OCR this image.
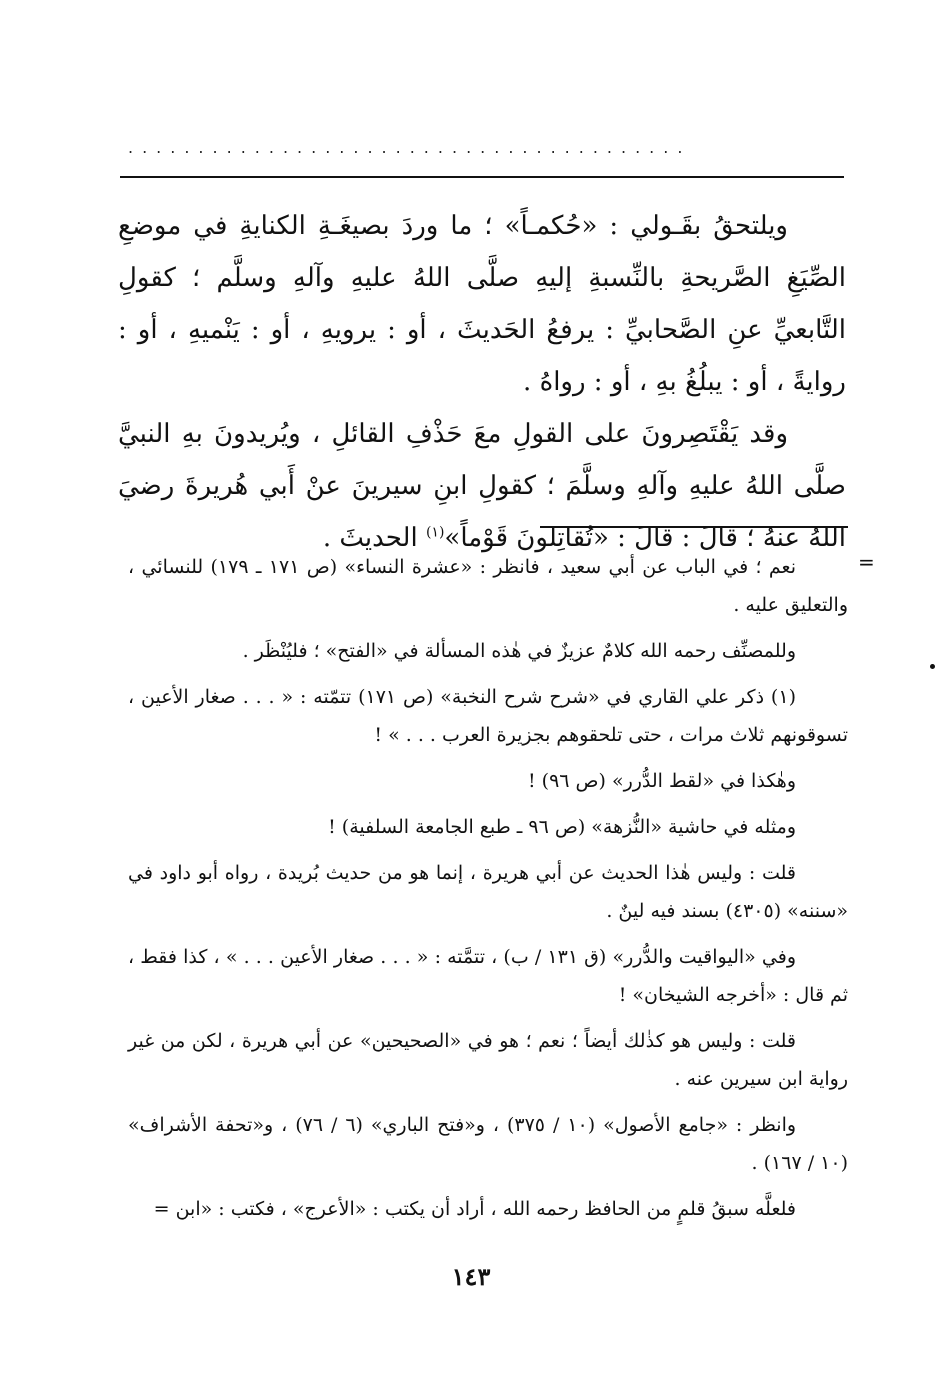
........................................

ويلتحقُ بقَـولي : «حُكمـاً» ؛ ما وردَ بصيغَـةِ الكنايةِ في موضعِ الصِّيَغِ الصَّريحةِ بالنِّسبةِ إليهِ صلَّى اللهُ عليهِ وآلهِ وسلَّم ؛ كقولِ التَّابعيِّ عنِ الصَّحابيِّ : يرفعُ الحَديثَ ، أو : يرويهِ ، أو : يَنْميهِ ، أو : روايةً ، أو : يبلُغُ بهِ ، أو : رواهُ .

وقد يَقْتَصِرونَ على القولِ معَ حَذْفِ القائلِ ، ويُريدونَ بهِ النبيَّ صلَّى اللهُ عليهِ وآلهِ وسلَّمَ ؛ كقولِ ابنِ سيرينَ عنْ أَبي هُريرةَ رضيَ اللهُ عنهُ ؛ قالَ : قالَ : «تُقاتِلونَ قَوْماً»$^{(١)}$ الحديثَ .

=

نعم ؛ في الباب عن أبي سعيد ، فانظر : «عشرة النساء» (ص ١٧١ ـ ١٧٩) للنسائي ، والتعليق عليه .

وللمصنِّف رحمه الله كلامٌ عزيزٌ في هٰذه المسألة في «الفتح» ؛ فليُنْظَر .

(١) ذكر علي القاري في «شرح شرح النخبة» (ص ١٧١) تتمّته : « . . . صغار الأعين ، تسوقونهم ثلاث مرات ، حتى تلحقوهم بجزيرة العرب . . . » !

وهٰكذا في «لقط الدُّرر» (ص ٩٦) !

ومثله في حاشية «النُّزهة» (ص ٩٦ ـ طبع الجامعة السلفية) !

قلت : وليس هٰذا الحديث عن أبي هريرة ، إنما هو من حديث بُريدة ، رواه أبو داود في «سننه» (٤٣٠٥) بسند فيه لينٌ .

وفي «اليواقيت والدُّرر» (ق ١٣١ / ب) ، تتمَّته : « . . . صغار الأعين . . . » ، كذا فقط ، ثم قال : «أخرجه الشيخان» !

قلت : وليس هو كذٰلك أيضاً ؛ نعم ؛ هو في «الصحيحين» عن أبي هريرة ، لكن من غير رواية ابن سيرين عنه .

وانظر : «جامع الأصول» (١٠ / ٣٧٥) ، و«فتح الباري» (٦ / ٧٦) ، و«تحفة الأشراف» (١٠ / ١٦٧) .

فلعلَّه سبقُ قلمٍ من الحافظ رحمه الله ، أراد أن يكتب : «الأعرج» ، فكتب : «ابن =

١٤٣
